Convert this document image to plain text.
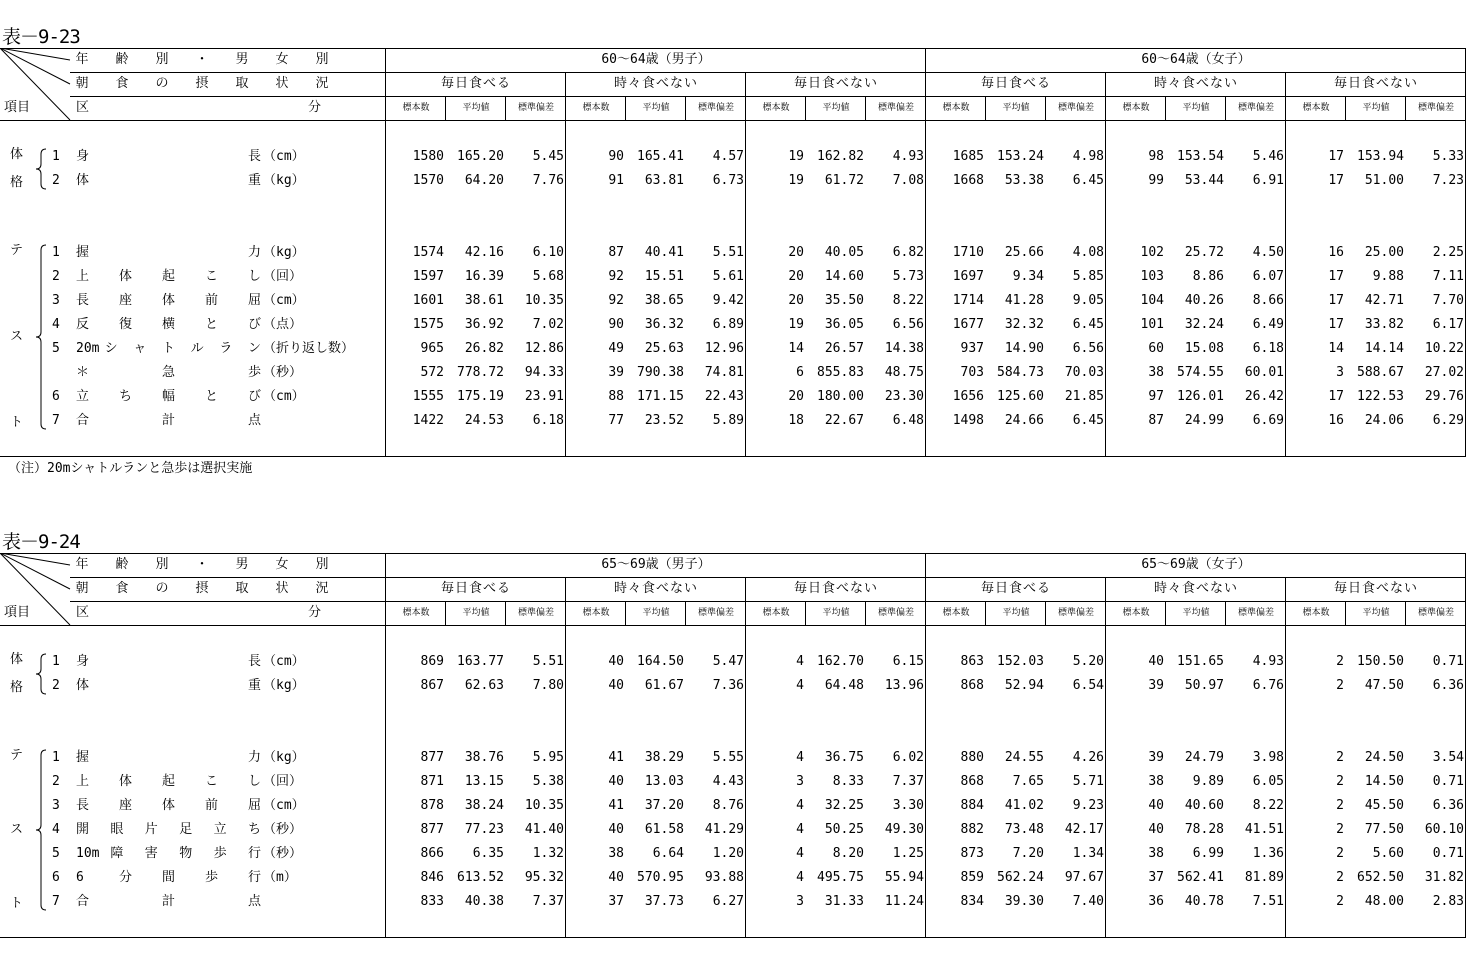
表－9-23
年 齢 別 ・ 男 女 別
朝 食 の 摂 取 状 況
項目	区	分
60～64歳（男子）	60～64歳（女子）
毎日食べる	時々食べない	毎日食べない	毎日食べる	時々食べない	毎日食べない
標本数	平均値	標準偏差	標本数	平均値	標準偏差	標本数	平均値	標準偏差	標本数	平均値	標準偏差	標本数	平均値	標準偏差	標本数	平均値	標準偏差
1 身	長 （cm）	1580	165.20	5.45	90	165.41	4.57	19	162.82	4.93	1685	153.24	4.98	98	153.54	5.46	17	153.94	5.33
2 体	重 （kg）	1570	64.20	7.76	91	63.81	6.73	19	61.72	7.08	1668	53.38	6.45	99	53.44	6.91	17	51.00	7.23
1 握	力 （kg）	1574	42.16	6.10	87	40.41	5.51	20	40.05	6.82	1710	25.66	4.08	102	25.72	4.50	16	25.00	2.25
2 上 体 起 こ し （回）	1597	16.39	5.68	92	15.51	5.61	20	14.60	5.73	1697	9.34	5.85	103	8.86	6.07	17	9.88	7.11
3 長 座 体 前 屈 （cm）	1601	38.61	10.35	92	38.65	9.42	20	35.50	8.22	1714	41.28	9.05	104	40.26	8.66	17	42.71	7.70
4 反 復 横 と び （点）	1575	36.92	7.02	90	36.32	6.89	19	36.05	6.56	1677	32.32	6.45	101	32.24	6.49	17	33.82	6.17
5 20m シ ャ ト ル ラ ン （折り返し数）	965	26.82	12.86	49	25.63	12.96	14	26.57	14.38	937	14.90	6.56	60	15.08	6.18	14	14.14	10.22
＊	急	歩 （秒）	572	778.72	94.33	39	790.38	74.81	6	855.83	48.75	703	584.73	70.03	38	574.55	60.01	3	588.67	27.02
6 立 ち 幅 と び （cm）	1555	175.19	23.91	88	171.15	22.43	20	180.00	23.30	1656	125.60	21.85	97	126.01	26.42	17	122.53	29.76
7 合	計	点	1422	24.53	6.18	77	23.52	5.89	18	22.67	6.48	1498	24.66	6.45	87	24.99	6.69	16	24.06	6.29
体
格
テ
ス
ト
（注）20mシャトルランと急歩は選択実施
表－9-24
年 齢 別 ・ 男 女 別
朝 食 の 摂 取 状 況
項目	区	分
65～69歳（男子）	65～69歳（女子）
毎日食べる	時々食べない	毎日食べない	毎日食べる	時々食べない	毎日食べない
標本数	平均値	標準偏差	標本数	平均値	標準偏差	標本数	平均値	標準偏差	標本数	平均値	標準偏差	標本数	平均値	標準偏差	標本数	平均値	標準偏差
1 身	長 （cm）	869	163.77	5.51	40	164.50	5.47	4	162.70	6.15	863	152.03	5.20	40	151.65	4.93	2	150.50	0.71
2 体	重 （kg）	867	62.63	7.80	40	61.67	7.36	4	64.48	13.96	868	52.94	6.54	39	50.97	6.76	2	47.50	6.36
1 握	力 （kg）	877	38.76	5.95	41	38.29	5.55	4	36.75	6.02	880	24.55	4.26	39	24.79	3.98	2	24.50	3.54
2 上 体 起 こ し （回）	871	13.15	5.38	40	13.03	4.43	3	8.33	7.37	868	7.65	5.71	38	9.89	6.05	2	14.50	0.71
3 長 座 体 前 屈 （cm）	878	38.24	10.35	41	37.20	8.76	4	32.25	3.30	884	41.02	9.23	40	40.60	8.22	2	45.50	6.36
4 開 眼 片 足 立 ち （秒）	877	77.23	41.40	40	61.58	41.29	4	50.25	49.30	882	73.48	42.17	40	78.28	41.51	2	77.50	60.10
5 10m 障 害 物 歩 行 （秒）	866	6.35	1.32	38	6.64	1.20	4	8.20	1.25	873	7.20	1.34	38	6.99	1.36	2	5.60	0.71
6 6	分 間 歩 行 （m）	846	613.52	95.32	40	570.95	93.88	4	495.75	55.94	859	562.24	97.67	37	562.41	81.89	2	652.50	31.82
7 合	計	点	833	40.38	7.37	37	37.73	6.27	3	31.33	11.24	834	39.30	7.40	36	40.78	7.51	2	48.00	2.83
体
格
テ
ス
ト
